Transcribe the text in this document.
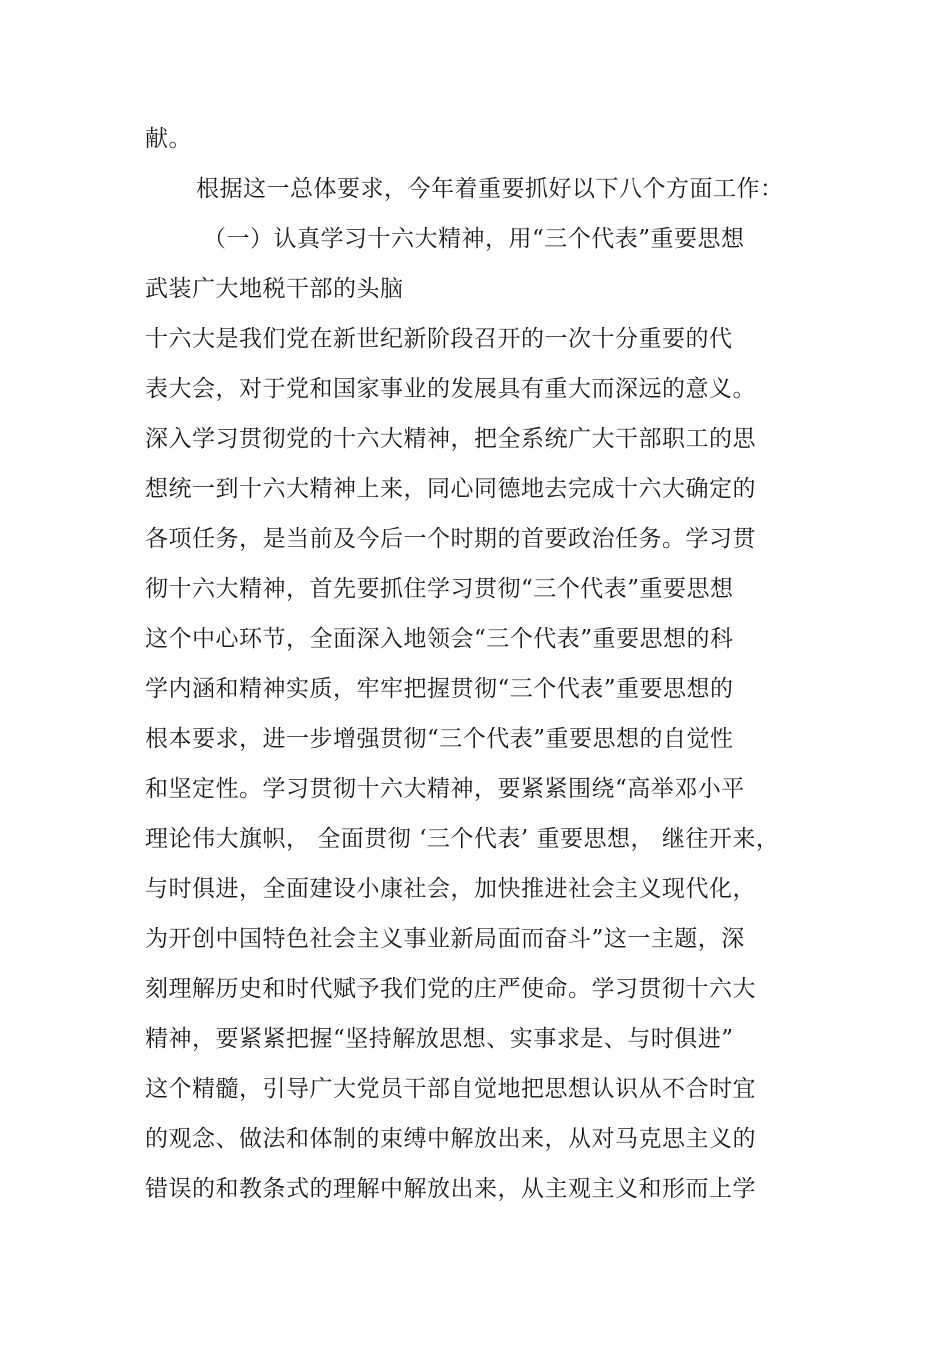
献。

根据这一总体要求，今年着重要抓好以下八个方面工作：

（一）认真学习十六大精神，用“三个代表”重要思想

武装广大地税干部的头脑

十六大是我们党在新世纪新阶段召开的一次十分重要的代

表大会，对于党和国家事业的发展具有重大而深远的意义。

深入学习贯彻党的十六大精神，把全系统广大干部职工的思

想统一到十六大精神上来，同心同德地去完成十六大确定的

各项任务，是当前及今后一个时期的首要政治任务。学习贯

彻十六大精神，首先要抓住学习贯彻“三个代表”重要思想

这个中心环节，全面深入地领会“三个代表”重要思想的科

学内涵和精神实质，牢牢把握贯彻“三个代表”重要思想的

根本要求，进一步增强贯彻“三个代表”重要思想的自觉性

和坚定性。学习贯彻十六大精神，要紧紧围绕“高举邓小平

理论伟大旗帜， 全面贯彻 ‘三个代表’ 重要思想， 继往开来，

与时俱进，全面建设小康社会，加快推进社会主义现代化，

为开创中国特色社会主义事业新局面而奋斗”这一主题，深

刻理解历史和时代赋予我们党的庄严使命。学习贯彻十六大

精神，要紧紧把握“坚持解放思想、实事求是、与时俱进”

这个精髓，引导广大党员干部自觉地把思想认识从不合时宜

的观念、做法和体制的束缚中解放出来，从对马克思主义的

错误的和教条式的理解中解放出来，从主观主义和形而上学
